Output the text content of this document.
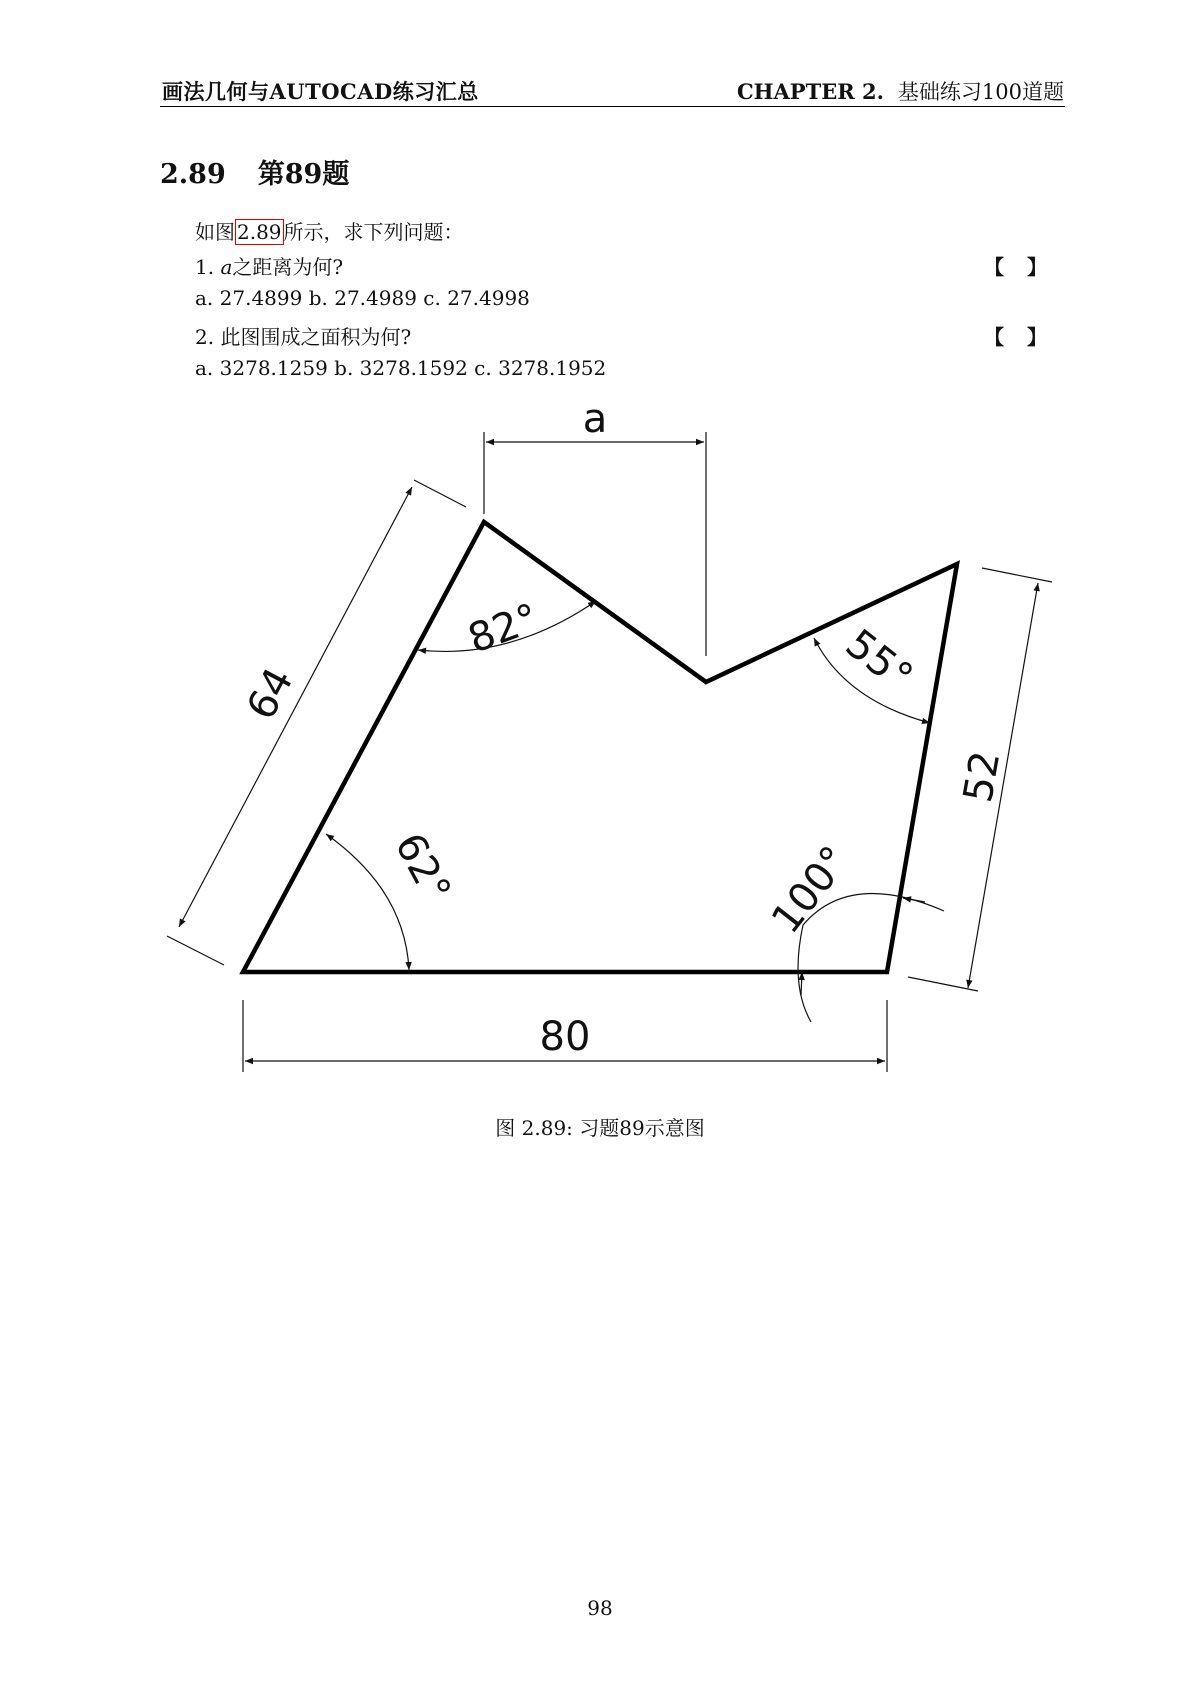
画法几何与AUTOCAD练习汇总	CHAPTER 2. 基础练习100道题
2.89 第89题
如图 2.89 所示，求下列问题：
1. a之距离为何?	【 】
a. 27.4899 b. 27.4989 c. 27.4998
2. 此图围成之面积为何?	【 】
a. 3278.1259 b. 3278.1592 c. 3278.1952
a
64
52
80
82°	55°
62°	100°
图 2.89: 习题89示意图
98
